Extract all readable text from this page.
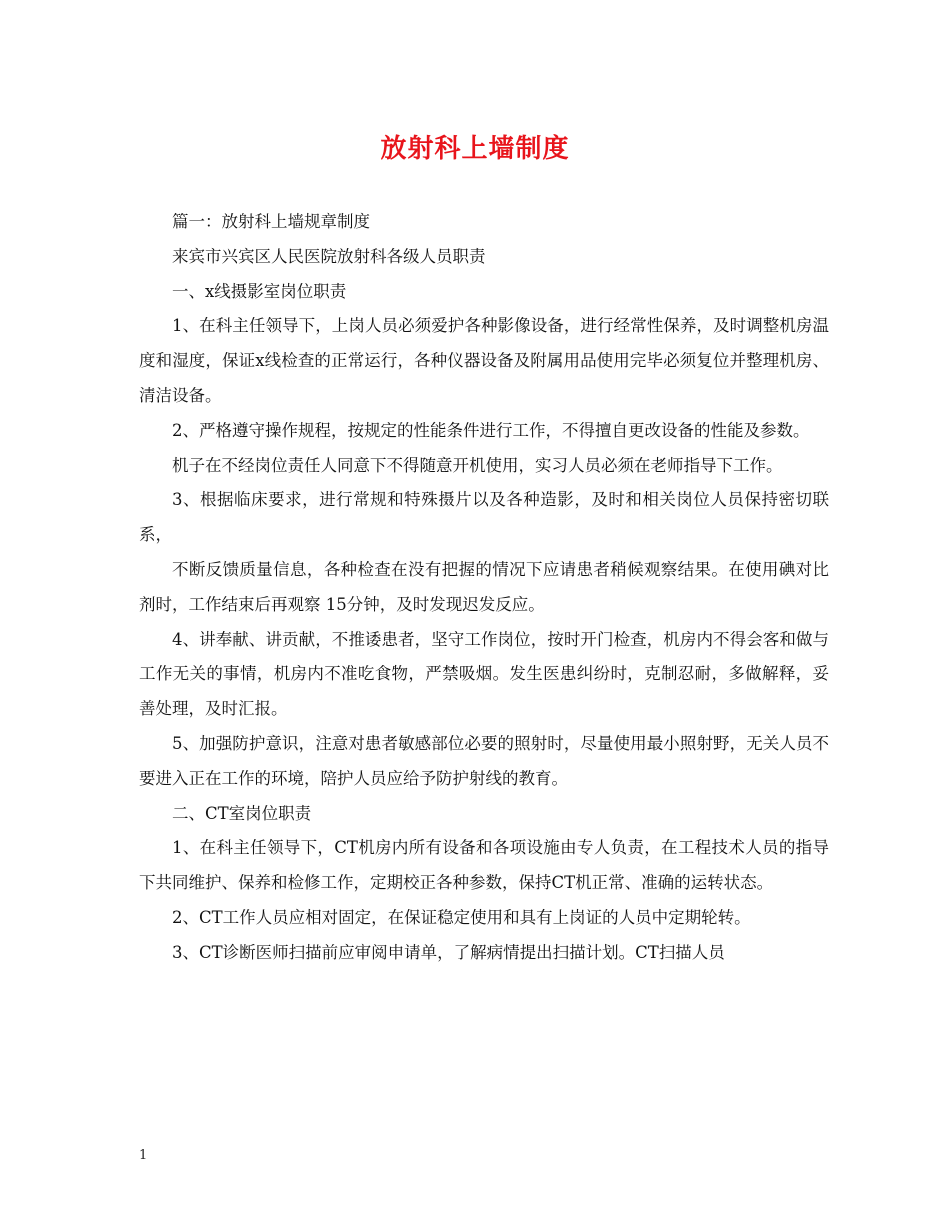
放射科上墙制度

篇一：放射科上墙规章制度

来宾市兴宾区人民医院放射科各级人员职责

一、x线摄影室岗位职责

1、在科主任领导下，上岗人员必须爱护各种影像设备，进行经常性保养，及时调整机房温度和湿度，保证x线检查的正常运行，各种仪器设备及附属用品使用完毕必须复位并整理机房、清洁设备。

2、严格遵守操作规程，按规定的性能条件进行工作，不得擅自更改设备的性能及参数。

机子在不经岗位责任人同意下不得随意开机使用，实习人员必须在老师指导下工作。

3、根据临床要求，进行常规和特殊摄片以及各种造影，及时和相关岗位人员保持密切联系，

不断反馈质量信息，各种检查在没有把握的情况下应请患者稍候观察结果。在使用碘对比剂时，工作结束后再观察 15分钟，及时发现迟发反应。

4、讲奉献、讲贡献，不推诿患者，坚守工作岗位，按时开门检查，机房内不得会客和做与工作无关的事情，机房内不准吃食物，严禁吸烟。发生医患纠纷时，克制忍耐，多做解释，妥善处理，及时汇报。

5、加强防护意识，注意对患者敏感部位必要的照射时，尽量使用最小照射野，无关人员不要进入正在工作的环境，陪护人员应给予防护射线的教育。

二、CT室岗位职责

1、在科主任领导下，CT机房内所有设备和各项设施由专人负责，在工程技术人员的指导下共同维护、保养和检修工作，定期校正各种参数，保持CT机正常、准确的运转状态。

2、CT工作人员应相对固定，在保证稳定使用和具有上岗证的人员中定期轮转。

3、CT诊断医师扫描前应审阅申请单，了解病情提出扫描计划。CT扫描人员

1
